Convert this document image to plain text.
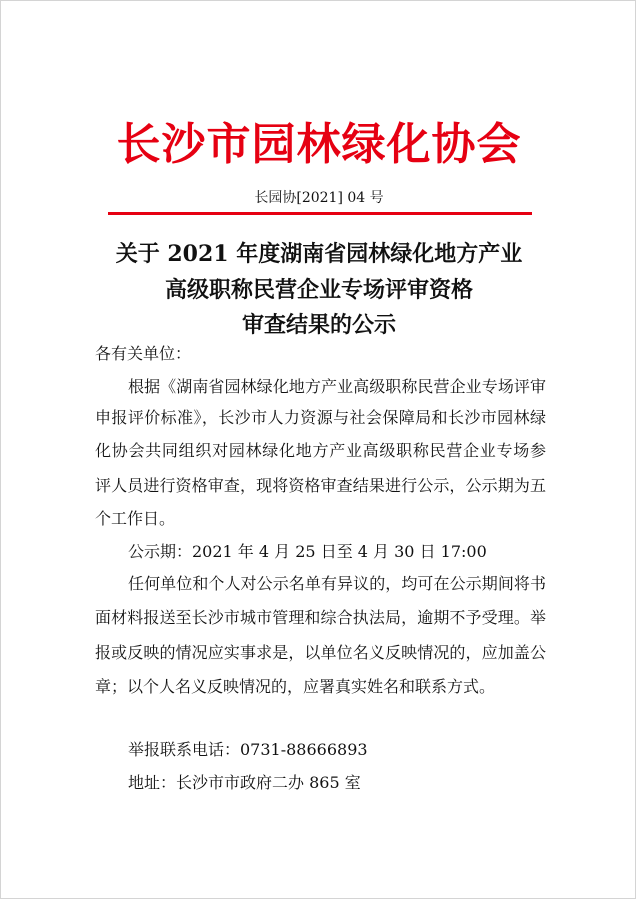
长沙市园林绿化协会
长园协[2021] 04 号
关于 2021 年度湖南省园林绿化地方产业
高级职称民营企业专场评审资格
审查结果的公示
各有关单位：
根据《湖南省园林绿化地方产业高级职称民营企业专场评审
申报评价标准》，长沙市人力资源与社会保障局和长沙市园林绿
化协会共同组织对园林绿化地方产业高级职称民营企业专场参
评人员进行资格审查，现将资格审查结果进行公示，公示期为五
个工作日。
公示期：2021 年 4 月 25 日至 4 月 30 日 17:00
任何单位和个人对公示名单有异议的，均可在公示期间将书
面材料报送至长沙市城市管理和综合执法局，逾期不予受理。举
报或反映的情况应实事求是，以单位名义反映情况的，应加盖公
章；以个人名义反映情况的，应署真实姓名和联系方式。
举报联系电话：0731-88666893
地址：长沙市市政府二办 865 室
